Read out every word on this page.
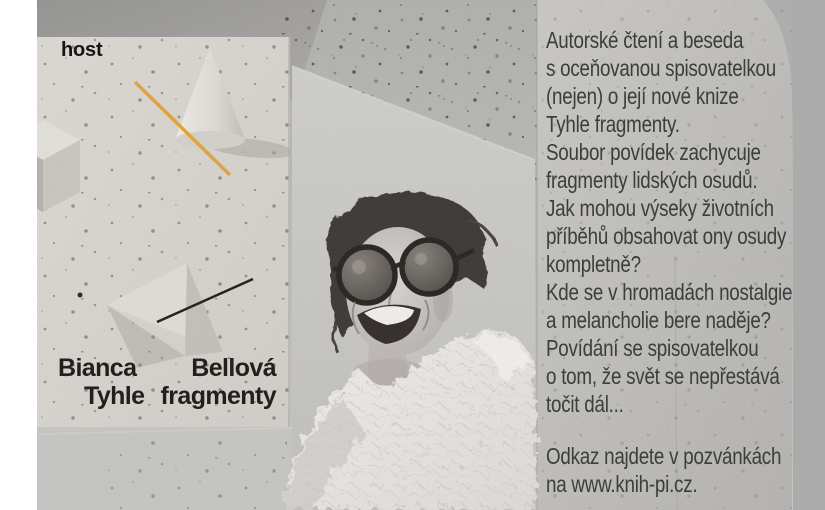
host
Bianca Bellová
Tyhle fragmenty
Autorské čtení a beseda
s oceňovanou spisovatelkou
(nejen) o její nové knize
Tyhle fragmenty.
Soubor povídek zachycuje
fragmenty lidských osudů.
Jak mohou výseky životních
příběhů obsahovat ony osudy
kompletně?
Kde se v hromadách nostalgie
a melancholie bere naděje?
Povídání se spisovatelkou
o tom, že svět se nepřestává
točit dál...
Odkaz najdete v pozvánkách
na www.knih-pi.cz.
